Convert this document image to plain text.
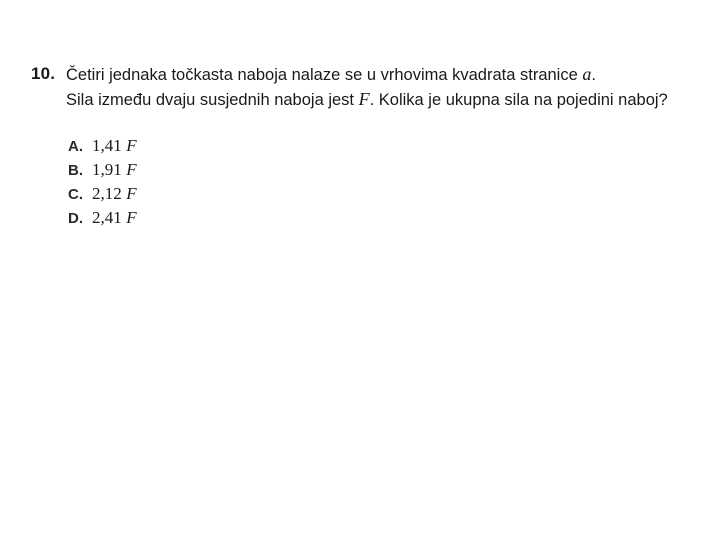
10. Četiri jednaka točkasta naboja nalaze se u vrhovima kvadrata stranice a.
Sila između dvaju susjednih naboja jest F. Kolika je ukupna sila na pojedini naboj?
A. 1,41 F
B. 1,91 F
C. 2,12 F
D. 2,41 F
